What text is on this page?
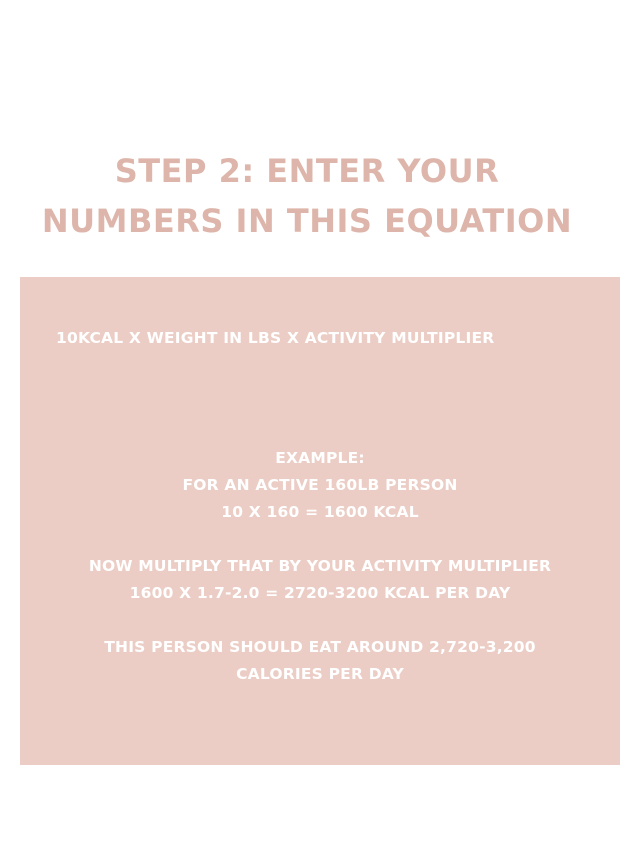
STEP 2: ENTER YOUR
NUMBERS IN THIS EQUATION
10KCAL X WEIGHT IN LBS X ACTIVITY MULTIPLIER
EXAMPLE:
FOR AN ACTIVE 160LB PERSON
10 X 160 = 1600 KCAL
NOW MULTIPLY THAT BY YOUR ACTIVITY MULTIPLIER
1600 X 1.7-2.0 = 2720-3200 KCAL PER DAY
THIS PERSON SHOULD EAT AROUND 2,720-3,200
CALORIES PER DAY
